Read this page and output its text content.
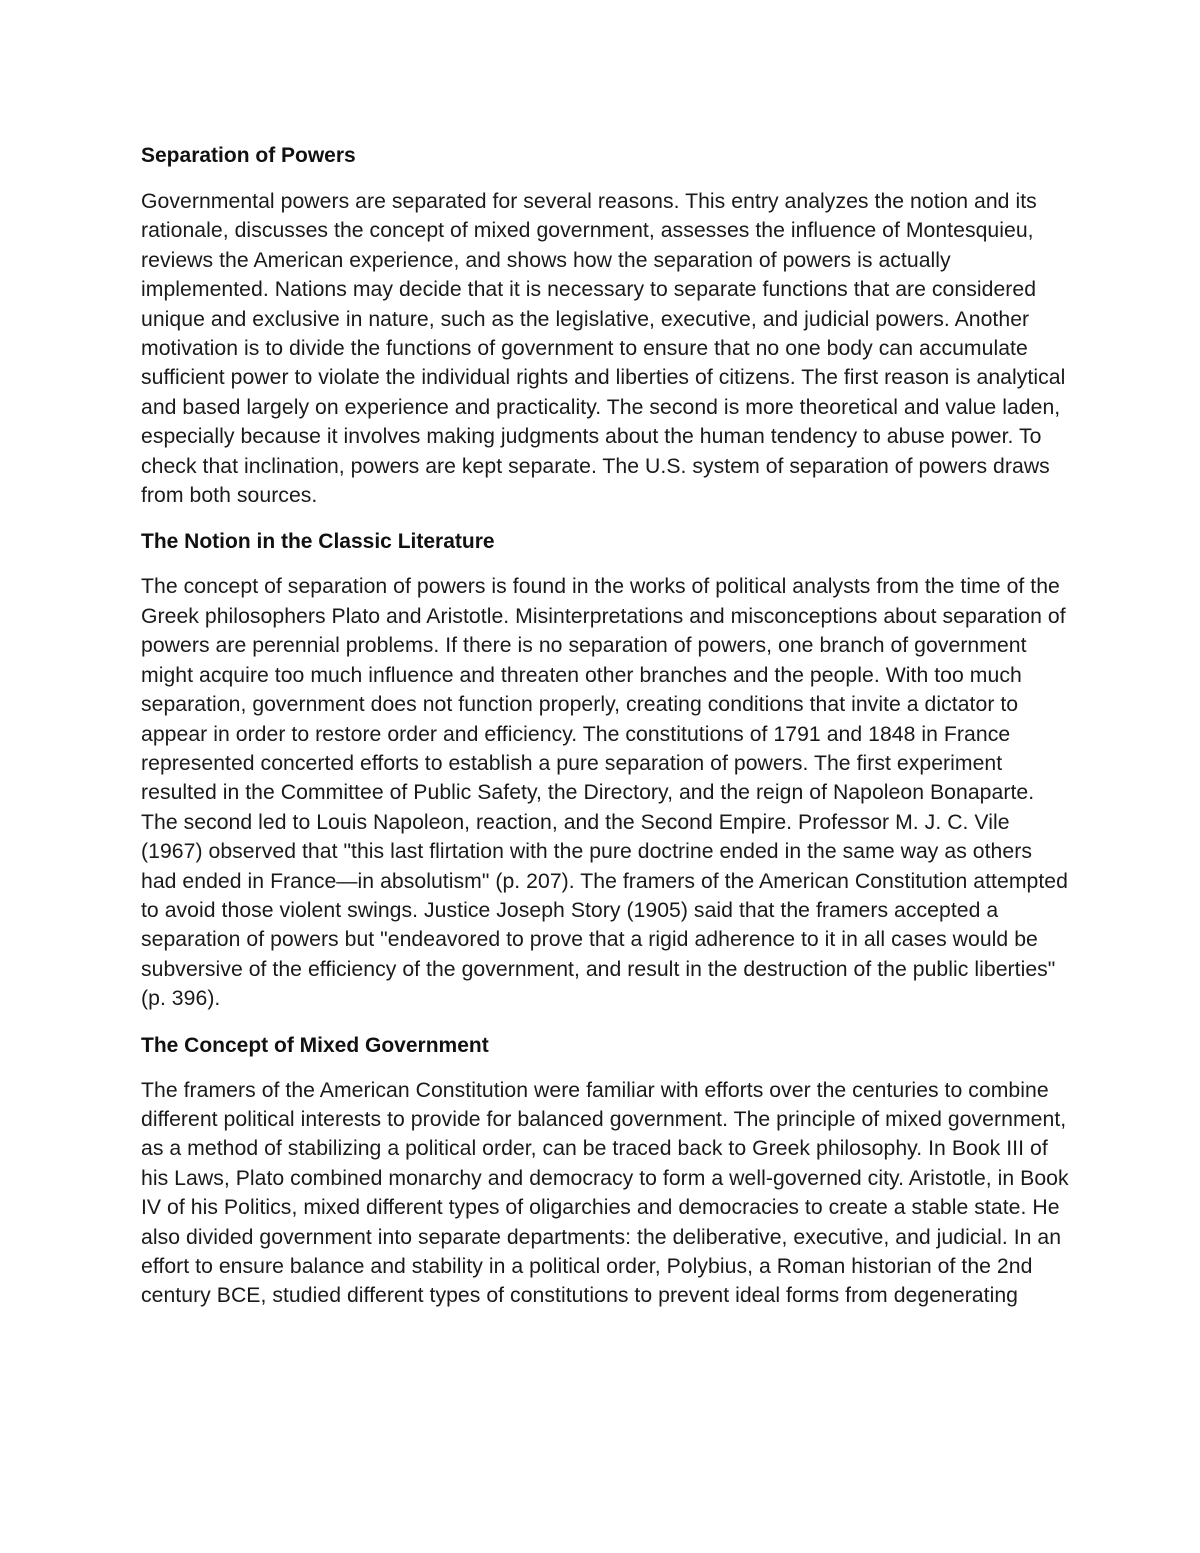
Separation of Powers

Governmental powers are separated for several reasons. This entry analyzes the notion and its rationale, discusses the concept of mixed government, assesses the influence of Montesquieu, reviews the American experience, and shows how the separation of powers is actually implemented. Nations may decide that it is necessary to separate functions that are considered unique and exclusive in nature, such as the legislative, executive, and judicial powers. Another motivation is to divide the functions of government to ensure that no one body can accumulate sufficient power to violate the individual rights and liberties of citizens. The first reason is analytical and based largely on experience and practicality. The second is more theoretical and value laden, especially because it involves making judgments about the human tendency to abuse power. To check that inclination, powers are kept separate. The U.S. system of separation of powers draws from both sources.

The Notion in the Classic Literature

The concept of separation of powers is found in the works of political analysts from the time of the Greek philosophers Plato and Aristotle. Misinterpretations and misconceptions about separation of powers are perennial problems. If there is no separation of powers, one branch of government might acquire too much influence and threaten other branches and the people. With too much separation, government does not function properly, creating conditions that invite a dictator to appear in order to restore order and efficiency. The constitutions of 1791 and 1848 in France represented concerted efforts to establish a pure separation of powers. The first experiment resulted in the Committee of Public Safety, the Directory, and the reign of Napoleon Bonaparte. The second led to Louis Napoleon, reaction, and the Second Empire. Professor M. J. C. Vile (1967) observed that "this last flirtation with the pure doctrine ended in the same way as others had ended in France—in absolutism" (p. 207). The framers of the American Constitution attempted to avoid those violent swings. Justice Joseph Story (1905) said that the framers accepted a separation of powers but "endeavored to prove that a rigid adherence to it in all cases would be subversive of the efficiency of the government, and result in the destruction of the public liberties" (p. 396).

The Concept of Mixed Government

The framers of the American Constitution were familiar with efforts over the centuries to combine different political interests to provide for balanced government. The principle of mixed government, as a method of stabilizing a political order, can be traced back to Greek philosophy. In Book III of his Laws, Plato combined monarchy and democracy to form a well-governed city. Aristotle, in Book IV of his Politics, mixed different types of oligarchies and democracies to create a stable state. He also divided government into separate departments: the deliberative, executive, and judicial. In an effort to ensure balance and stability in a political order, Polybius, a Roman historian of the 2nd century BCE, studied different types of constitutions to prevent ideal forms from degenerating
